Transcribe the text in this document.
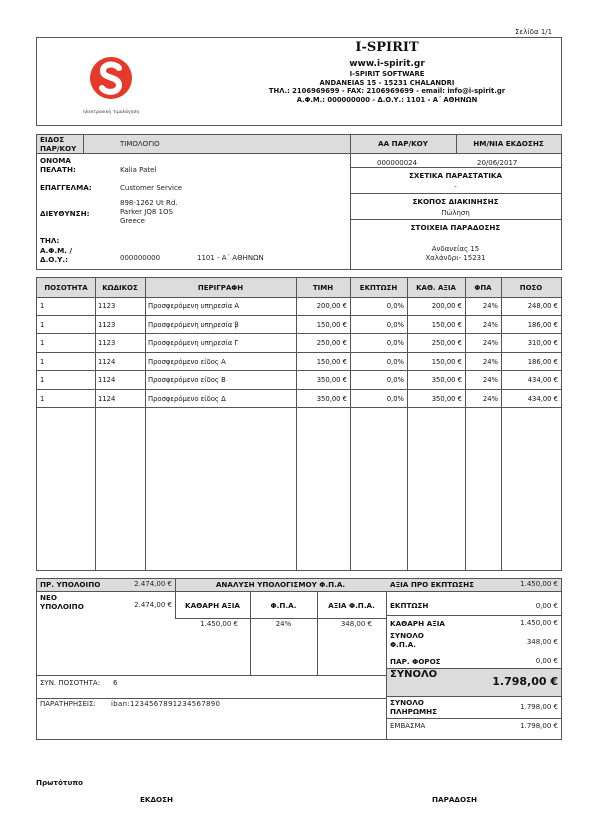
Σελίδα 1/1
ηλεκτρονική τιμολόγηση
I-SPIRIT
www.i-spirit.gr
I-SPIRIT SOFTWARE
ANDANEIAS 15 - 15231 CHALANDRI
ΤΗΛ.: 2106969699 - FAX: 2106969699 - email: info@i-spirit.gr
Α.Φ.Μ.: 000000000 - Δ.Ο.Υ.: 1101 - Α΄ ΑΘΗΝΩΝ
ΕΙΔΟΣ ΠΑΡ/ΚΟΥ	ΤΙΜΟΛΟΓΙΟ	ΑΑ ΠΑΡ/ΚΟΥ	ΗΜ/ΝΙΑ ΕΚΔΟΣΗΣ
000000024	20/06/2017
ΣΧΕΤΙΚΑ ΠΑΡΑΣΤΑΤΙΚΑ
-
ΣΚΟΠΟΣ ΔΙΑΚΙΝΗΣΗΣ
Πώληση
ΣΤΟΙΧΕΙΑ ΠΑΡΑΔΟΣΗΣ
Ανδανείας 15
Χαλάνδρι- 15231
ΟΝΟΜΑ ΠΕΛΑΤΗ:	Kalia Patel
ΕΠΑΓΓΕΛΜΑ:	Customer Service
898-1262 Ut Rd.
ΔΙΕΥΘΥΝΣΗ:	Parker JQ8 1OS
Greece
ΤΗΛ:
Α.Φ.Μ. / Δ.Ο.Υ.:	000000000	1101 - Α΄ ΑΘΗΝΩΝ
ΠΟΣΟΤΗΤΑ	ΚΩΔΙΚΟΣ	ΠΕΡΙΓΡΑΦΗ	ΤΙΜΗ	ΕΚΠΤΩΣΗ	ΚΑΘ. ΑΞΙΑ	ΦΠΑ	ΠΟΣΟ
1	1123	Προσφερόμενη υπηρεσία Α	200,00 €	0,0%	200,00 €	24%	248,00 €
1	1123	Προσφερόμενη υπηρεσία β	150,00 €	0,0%	150,00 €	24%	186,00 €
1	1123	Προσφερόμενη υπηρεσία Γ	250,00 €	0,0%	250,00 €	24%	310,00 €
1	1124	Προσφερόμενο είδος Α	150,00 €	0,0%	150,00 €	24%	186,00 €
1	1124	Προσφερόμενο είδος Β	350,00 €	0,0%	350,00 €	24%	434,00 €
1	1124	Προσφερόμενο είδος Δ	350,00 €	0,0%	350,00 €	24%	434,00 €
ΠΡ. ΥΠΟΛΟΙΠΟ	2.474,00 €	ΑΝΑΛΥΣΗ ΥΠΟΛΟΓΙΣΜΟΥ Φ.Π.Α.	ΑΞΙΑ ΠΡΟ ΕΚΠΤΩΣΗΣ	1.450,00 €
ΝΕΟ ΥΠΟΛΟΙΠΟ	2.474,00 €	ΚΑΘΑΡΗ ΑΞΙΑ	Φ.Π.Α.	ΑΞΙΑ Φ.Π.Α.
1.450,00 €	24%	348,00 €
ΣΥΝ. ΠΟΣΟΤΗΤΑ: 6
ΠΑΡΑΤΗΡΗΣΕΙΣ: iban:1234567891234567890
ΕΚΠΤΩΣΗ	0,00 €
ΚΑΘΑΡΗ ΑΞΙΑ	1.450,00 €
ΣΥΝΟΛΟ Φ.Π.Α.	348,00 €
ΠΑΡ. ΦΟΡΟΣ	0,00 €
ΣΥΝΟΛΟ
1.798,00 €
ΣΥΝΟΛΟ ΠΛΗΡΩΜΗΣ	1.798,00 €
ΕΜΒΑΣΜΑ	1.798,00 €
Πρωτότυπο
ΕΚΔΟΣΗ	ΠΑΡΑΔΟΣΗ
